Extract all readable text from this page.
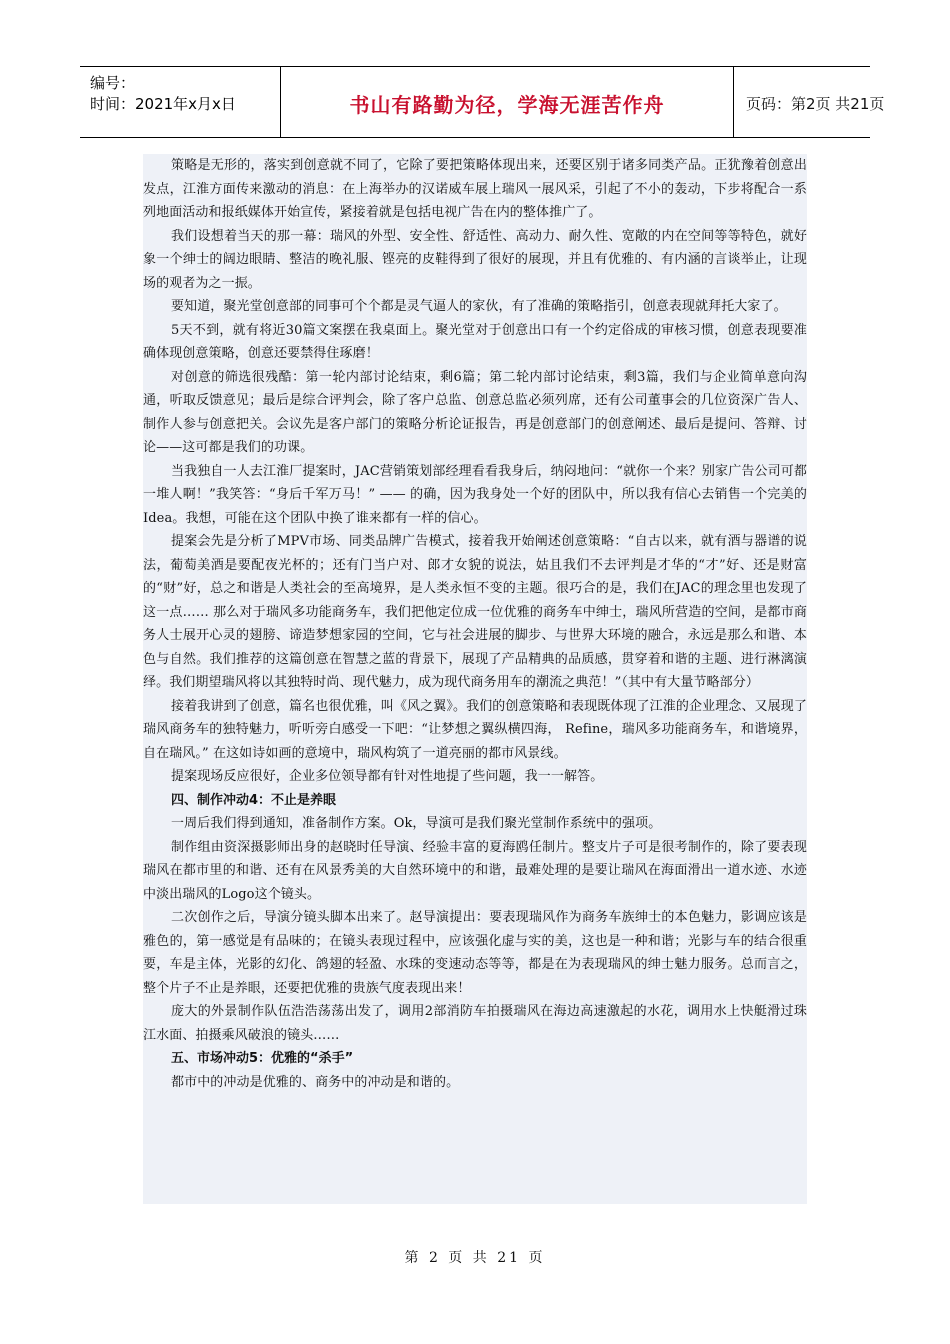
编号：
时间：2021年x月x日	书山有路勤为径，学海无涯苦作舟	页码：第2页 共21页

策略是无形的，落实到创意就不同了，它除了要把策略体现出来，还要区别于诸多同类产品。正犹豫着创意出发点，江淮方面传来激动的消息：在上海举办的汉诺威车展上瑞风一展风采，引起了不小的轰动，下步将配合一系列地面活动和报纸媒体开始宣传，紧接着就是包括电视广告在内的整体推广了。

我们设想着当天的那一幕：瑞风的外型、安全性、舒适性、高动力、耐久性、宽敞的内在空间等等特色，就好象一个绅士的阔边眼睛、整洁的晚礼服、铿亮的皮鞋得到了很好的展现，并且有优雅的、有内涵的言谈举止，让现场的观者为之一振。

要知道，聚光堂创意部的同事可个个都是灵气逼人的家伙，有了准确的策略指引，创意表现就拜托大家了。

5天不到，就有将近30篇文案摆在我桌面上。聚光堂对于创意出口有一个约定俗成的审核习惯，创意表现要准确体现创意策略，创意还要禁得住琢磨！

对创意的筛选很残酷：第一轮内部讨论结束，剩6篇；第二轮内部讨论结束，剩3篇，我们与企业简单意向沟通，听取反馈意见；最后是综合评判会，除了客户总监、创意总监必须列席，还有公司董事会的几位资深广告人、制作人参与创意把关。会议先是客户部门的策略分析论证报告，再是创意部门的创意阐述、最后是提问、答辩、讨论——这可都是我们的功课。

当我独自一人去江淮厂提案时，JAC营销策划部经理看看我身后，纳闷地问：“就你一个来？别家广告公司可都一堆人啊！”我笑答：“身后千军万马！” —— 的确，因为我身处一个好的团队中，所以我有信心去销售一个完美的Idea。我想，可能在这个团队中换了谁来都有一样的信心。

提案会先是分析了MPV市场、同类品牌广告模式，接着我开始阐述创意策略：“自古以来，就有酒与器谱的说法，葡萄美酒是要配夜光杯的；还有门当户对、郎才女貌的说法，姑且我们不去评判是才华的“才”好、还是财富的“财”好，总之和谐是人类社会的至高境界，是人类永恒不变的主题。很巧合的是，我们在JAC的理念里也发现了这一点…… 那么对于瑞风多功能商务车，我们把他定位成一位优雅的商务车中绅士，瑞风所营造的空间，是都市商务人士展开心灵的翅膀、谛造梦想家园的空间，它与社会进展的脚步、与世界大环境的融合，永远是那么和谐、本色与自然。我们推荐的这篇创意在智慧之蓝的背景下，展现了产品精典的品质感，贯穿着和谐的主题、进行淋漓演绎。我们期望瑞风将以其独特时尚、现代魅力，成为现代商务用车的潮流之典范！”（其中有大量节略部分）

接着我讲到了创意，篇名也很优雅，叫《风之翼》。我们的创意策略和表现既体现了江淮的企业理念、又展现了瑞风商务车的独特魅力，听听旁白感受一下吧：“让梦想之翼纵横四海， Refine，瑞风多功能商务车，和谐境界，自在瑞风。” 在这如诗如画的意境中，瑞风构筑了一道亮丽的都市风景线。

提案现场反应很好，企业多位领导都有针对性地提了些问题，我一一解答。

四、制作冲动4：不止是养眼

一周后我们得到通知，准备制作方案。Ok，导演可是我们聚光堂制作系统中的强项。

制作组由资深摄影师出身的赵晓时任导演、经验丰富的夏海鸥任制片。整支片子可是很考制作的，除了要表现瑞风在都市里的和谐、还有在风景秀美的大自然环境中的和谐，最难处理的是要让瑞风在海面滑出一道水迹、水迹中淡出瑞风的Logo这个镜头。

二次创作之后，导演分镜头脚本出来了。赵导演提出：要表现瑞风作为商务车族绅士的本色魅力，影调应该是雅色的，第一感觉是有品味的；在镜头表现过程中，应该强化虚与实的美，这也是一种和谐；光影与车的结合很重要，车是主体，光影的幻化、鸽翅的轻盈、水珠的变速动态等等，都是在为表现瑞风的绅士魅力服务。总而言之，整个片子不止是养眼，还要把优雅的贵族气度表现出来！

庞大的外景制作队伍浩浩荡荡出发了，调用2部消防车拍摄瑞风在海边高速激起的水花，调用水上快艇滑过珠江水面、拍摄乘风破浪的镜头……

五、市场冲动5：优雅的“杀手”

都市中的冲动是优雅的、商务中的冲动是和谐的。

第 2 页 共 21 页
